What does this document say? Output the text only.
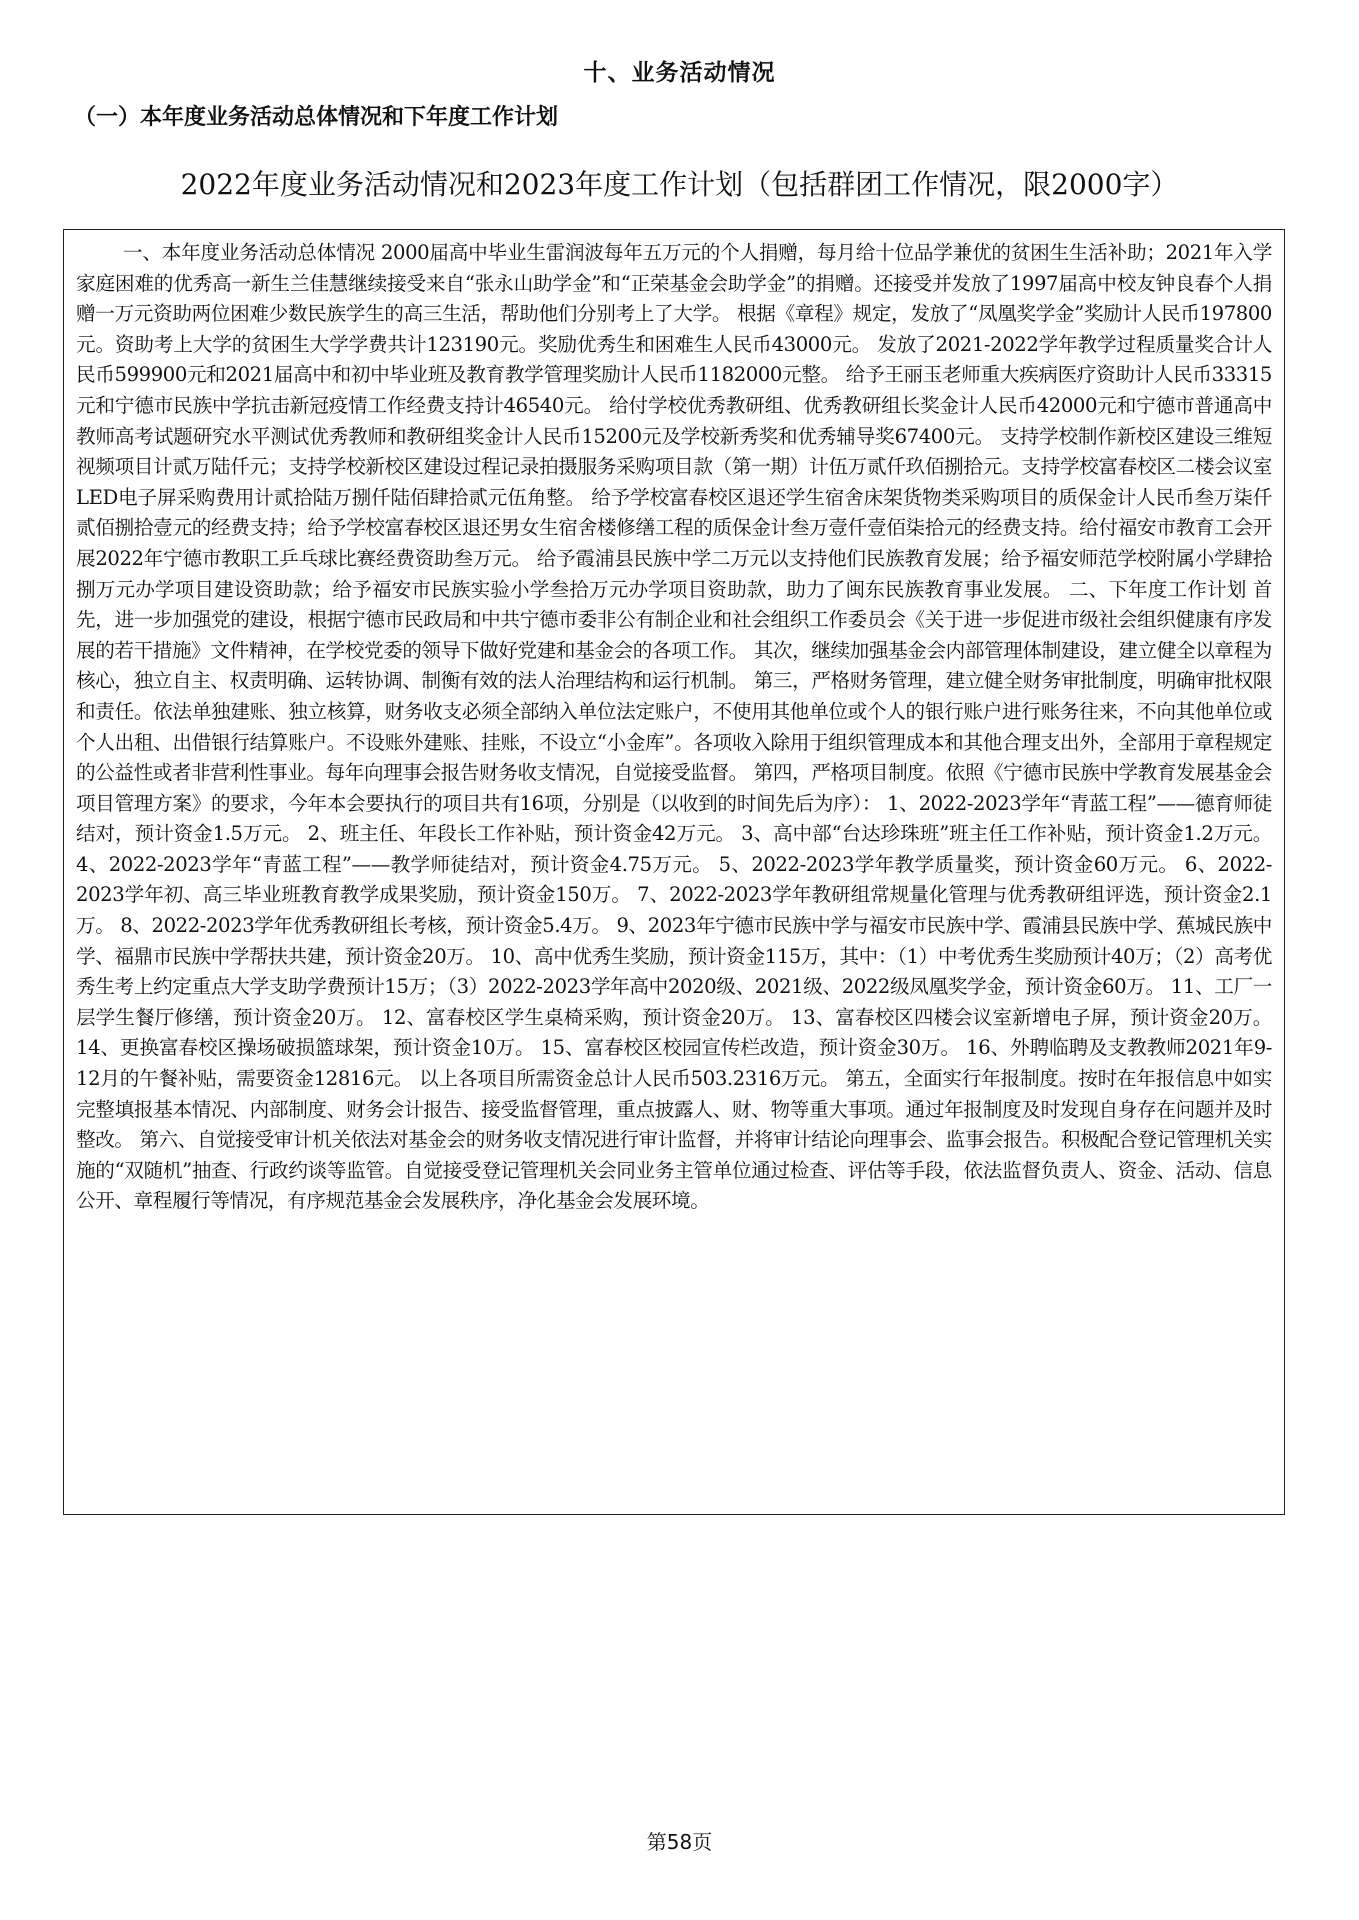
十、业务活动情况
（一）本年度业务活动总体情况和下年度工作计划
2022年度业务活动情况和2023年度工作计划（包括群团工作情况，限2000字）

一、本年度业务活动总体情况 2000届高中毕业生雷润波每年五万元的个人捐赠，每月给十位品学兼优的贫困生生活补助；2021年入学家庭困难的优秀高一新生兰佳慧继续接受来自“张永山助学金”和“正荣基金会助学金”的捐赠。还接受并发放了1997届高中校友钟良春个人捐赠一万元资助两位困难少数民族学生的高三生活，帮助他们分别考上了大学。 根据《章程》规定，发放了“凤凰奖学金”奖励计人民币197800元。资助考上大学的贫困生大学学费共计123190元。奖励优秀生和困难生人民币43000元。 发放了2021-2022学年教学过程质量奖合计人民币599900元和2021届高中和初中毕业班及教育教学管理奖励计人民币1182000元整。 给予王丽玉老师重大疾病医疗资助计人民币33315元和宁德市民族中学抗击新冠疫情工作经费支持计46540元。 给付学校优秀教研组、优秀教研组长奖金计人民币42000元和宁德市普通高中教师高考试题研究水平测试优秀教师和教研组奖金计人民币15200元及学校新秀奖和优秀辅导奖67400元。 支持学校制作新校区建设三维短视频项目计贰万陆仟元；支持学校新校区建设过程记录拍摄服务采购项目款（第一期）计伍万贰仟玖佰捌拾元。支持学校富春校区二楼会议室LED电子屏采购费用计贰拾陆万捌仟陆佰肆拾贰元伍角整。 给予学校富春校区退还学生宿舍床架货物类采购项目的质保金计人民币叁万柒仟贰佰捌拾壹元的经费支持；给予学校富春校区退还男女生宿舍楼修缮工程的质保金计叁万壹仟壹佰柒拾元的经费支持。给付福安市教育工会开展2022年宁德市教职工乒乓球比赛经费资助叁万元。 给予霞浦县民族中学二万元以支持他们民族教育发展；给予福安师范学校附属小学肆拾捌万元办学项目建设资助款；给予福安市民族实验小学叁拾万元办学项目资助款，助力了闽东民族教育事业发展。 二、下年度工作计划 首先，进一步加强党的建设，根据宁德市民政局和中共宁德市委非公有制企业和社会组织工作委员会《关于进一步促进市级社会组织健康有序发展的若干措施》文件精神，在学校党委的领导下做好党建和基金会的各项工作。 其次，继续加强基金会内部管理体制建设，建立健全以章程为核心，独立自主、权责明确、运转协调、制衡有效的法人治理结构和运行机制。 第三，严格财务管理，建立健全财务审批制度，明确审批权限和责任。依法单独建账、独立核算，财务收支必须全部纳入单位法定账户，不使用其他单位或个人的银行账户进行账务往来，不向其他单位或个人出租、出借银行结算账户。不设账外建账、挂账，不设立“小金库”。各项收入除用于组织管理成本和其他合理支出外，全部用于章程规定的公益性或者非营利性事业。每年向理事会报告财务收支情况，自觉接受监督。 第四，严格项目制度。依照《宁德市民族中学教育发展基金会项目管理方案》的要求，今年本会要执行的项目共有16项，分别是（以收到的时间先后为序）： 1、2022-2023学年“青蓝工程”——德育师徒结对，预计资金1.5万元。 2、班主任、年段长工作补贴，预计资金42万元。 3、高中部“台达珍珠班”班主任工作补贴，预计资金1.2万元。 4、2022-2023学年“青蓝工程”——教学师徒结对，预计资金4.75万元。 5、2022-2023学年教学质量奖，预计资金60万元。 6、2022-2023学年初、高三毕业班教育教学成果奖励，预计资金150万。 7、2022-2023学年教研组常规量化管理与优秀教研组评选，预计资金2.1万。 8、2022-2023学年优秀教研组长考核，预计资金5.4万。 9、2023年宁德市民族中学与福安市民族中学、霞浦县民族中学、蕉城民族中学、福鼎市民族中学帮扶共建，预计资金20万。 10、高中优秀生奖励，预计资金115万，其中：（1）中考优秀生奖励预计40万；（2）高考优秀生考上约定重点大学支助学费预计15万；（3）2022-2023学年高中2020级、2021级、2022级凤凰奖学金，预计资金60万。 11、工厂一层学生餐厅修缮，预计资金20万。 12、富春校区学生桌椅采购，预计资金20万。 13、富春校区四楼会议室新增电子屏，预计资金20万。 14、更换富春校区操场破损篮球架，预计资金10万。 15、富春校区校园宣传栏改造，预计资金30万。 16、外聘临聘及支教教师2021年9-12月的午餐补贴，需要资金12816元。 以上各项目所需资金总计人民币503.2316万元。 第五，全面实行年报制度。按时在年报信息中如实完整填报基本情况、内部制度、财务会计报告、接受监督管理，重点披露人、财、物等重大事项。通过年报制度及时发现自身存在问题并及时整改。 第六、自觉接受审计机关依法对基金会的财务收支情况进行审计监督，并将审计结论向理事会、监事会报告。积极配合登记管理机关实施的“双随机”抽查、行政约谈等监管。自觉接受登记管理机关会同业务主管单位通过检查、评估等手段，依法监督负责人、资金、活动、信息公开、章程履行等情况，有序规范基金会发展秩序，净化基金会发展环境。

第58页
